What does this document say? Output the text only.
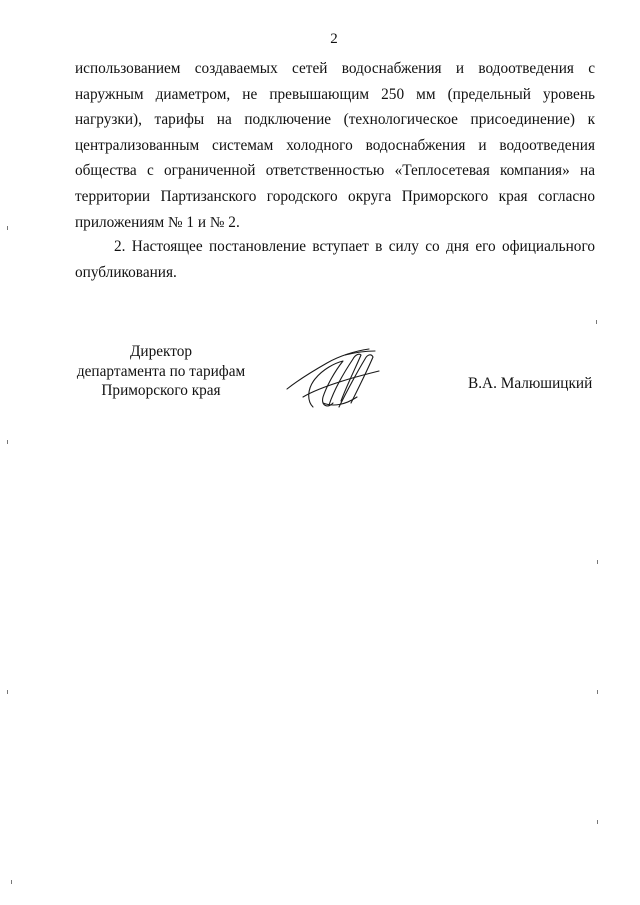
2
использованием создаваемых сетей водоснабжения и водоотведения с
наружным диаметром, не превышающим 250 мм (предельный уровень
нагрузки), тарифы на подключение (технологическое присоединение) к
централизованным системам холодного водоснабжения и водоотведения
общества с ограниченной ответственностью «Теплосетевая компания» на
территории Партизанского городского округа Приморского края согласно
приложениям № 1 и № 2.
2. Настоящее постановление вступает в силу со дня его официального
опубликования.
Директор
департамента по тарифам
Приморского края	В.А. Малюшицкий
